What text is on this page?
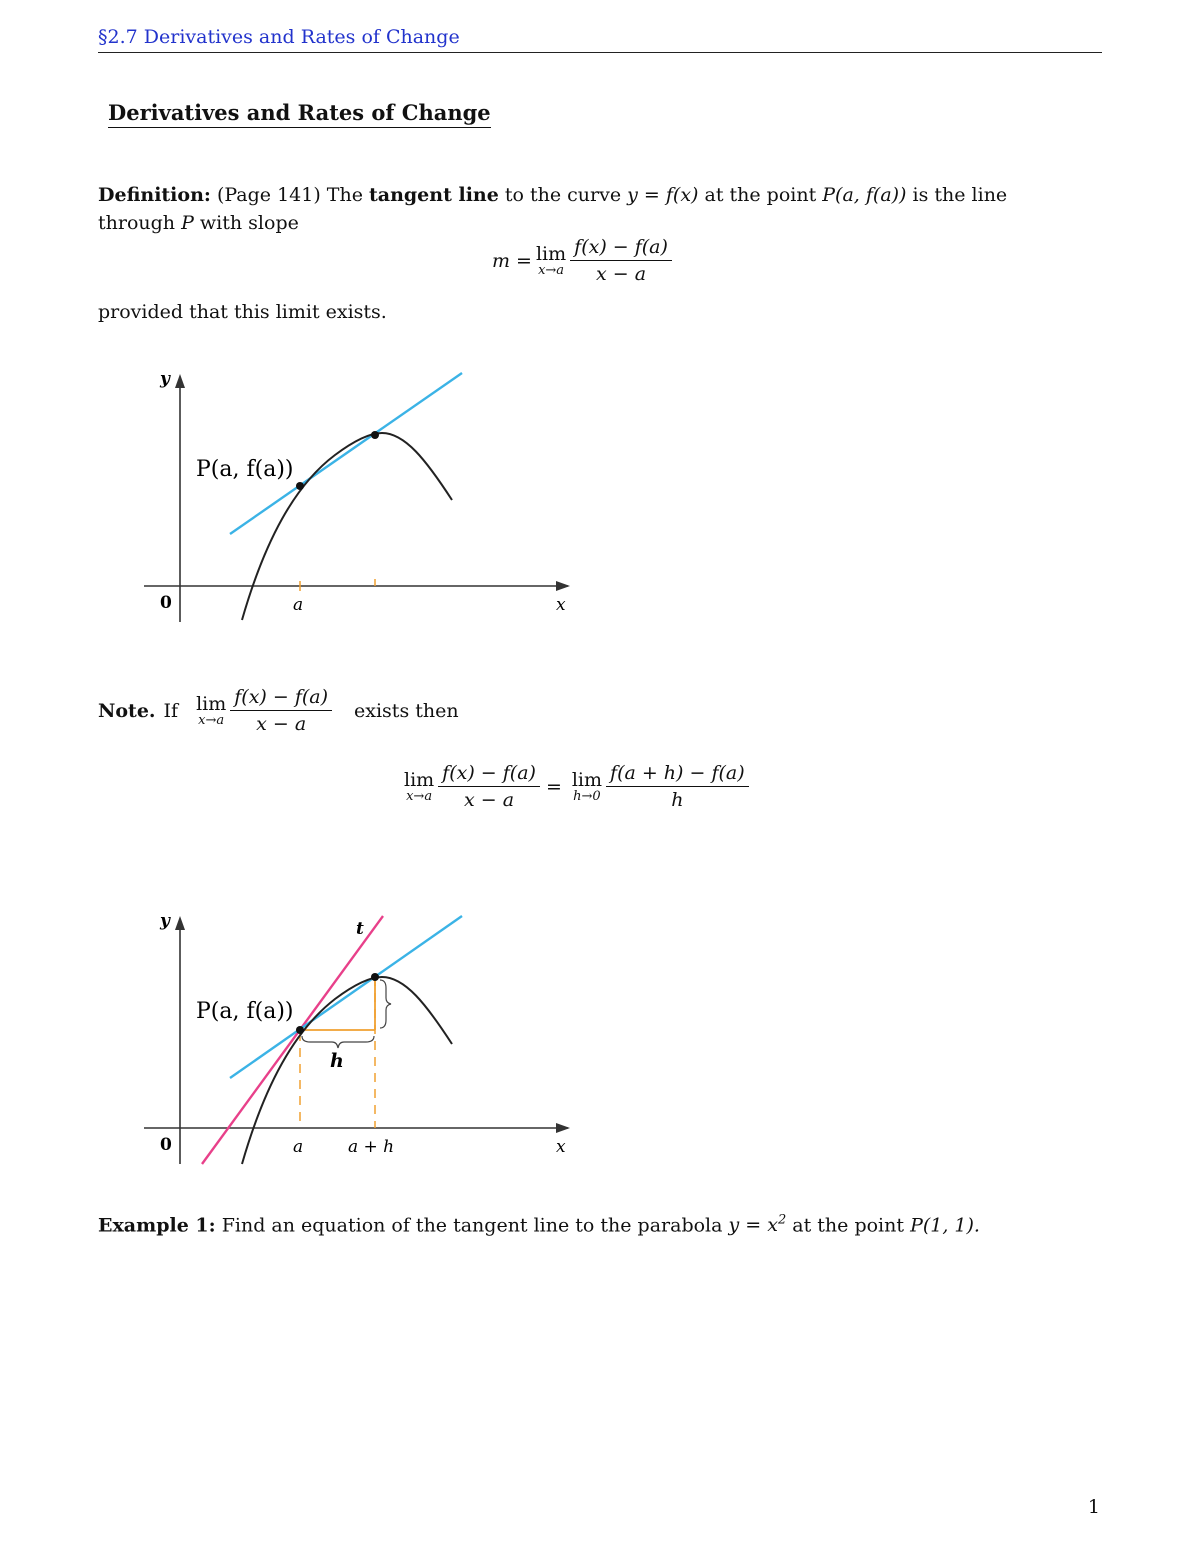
§2.7 Derivatives and Rates of Change
Derivatives and Rates of Change
Definition: (Page 141) The tangent line to the curve y = f(x) at the point P(a, f(a)) is the line
through P with slope
m = lim
$x\to a \frac{f(x) - f(a)}{x - a}$
provided that this limit exists.
y
x
0	a
P(a, f(a))
Note. If lim
$x\to a \frac{f(x) - f(a)}{x - a}$ exists then
lim
$x\to a \frac{f(x) - f(a)}{x - a} = \lim$
$h\to 0 \frac{f(a + h) - f(a)}{h}$
y
x
0
h
t
P(a, f(a))
a	a + h
Example 1: Find an equation of the tangent line to the parabola $y = x^2$ at the point P(1, 1).
1
